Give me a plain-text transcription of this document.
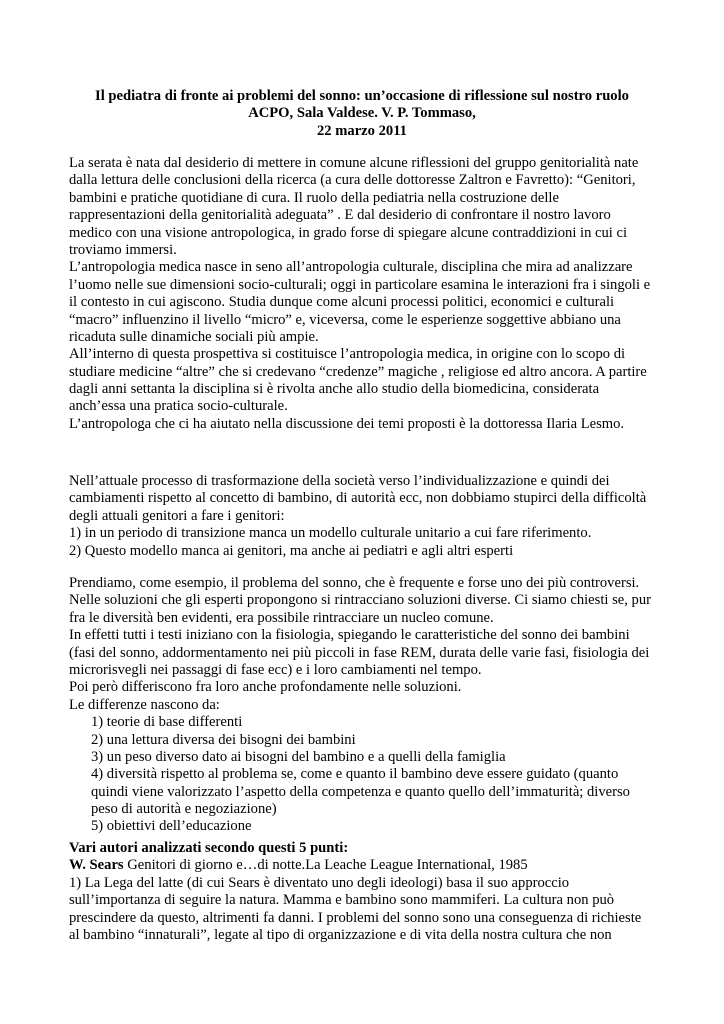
Il pediatra di fronte ai problemi del sonno: un’occasione di riflessione sul nostro ruolo
ACPO, Sala Valdese. V. P. Tommaso,
22 marzo 2011
La serata è nata dal desiderio di mettere in comune alcune riflessioni del gruppo genitorialità nate
dalla lettura delle conclusioni della ricerca (a cura delle dottoresse Zaltron e Favretto): “Genitori,
bambini e pratiche quotidiane di cura. Il ruolo della pediatria nella costruzione delle
rappresentazioni della genitorialità adeguata” . E dal desiderio di confrontare il nostro lavoro
medico con una visione antropologica, in grado forse di spiegare alcune contraddizioni in cui ci
troviamo immersi.
L’antropologia medica nasce in seno all’antropologia culturale, disciplina che mira ad analizzare
l’uomo nelle sue dimensioni socio-culturali; oggi in particolare esamina le interazioni fra i singoli e
il contesto in cui agiscono. Studia dunque come alcuni processi politici, economici e culturali
“macro” influenzino il livello “micro” e, viceversa, come le esperienze soggettive abbiano una
ricaduta sulle dinamiche sociali più ampie.
All’interno di questa prospettiva si costituisce l’antropologia medica, in origine con lo scopo di
studiare medicine “altre” che si credevano “credenze” magiche , religiose ed altro ancora. A partire
dagli anni settanta la disciplina si è rivolta anche allo studio della biomedicina, considerata
anch’essa una pratica socio-culturale.
L’antropologa che ci ha aiutato nella discussione dei temi proposti è la dottoressa Ilaria Lesmo.
Nell’attuale processo di trasformazione della società verso l’individualizzazione e quindi dei
cambiamenti rispetto al concetto di bambino, di autorità ecc, non dobbiamo stupirci della difficoltà
degli attuali genitori a fare i genitori:
1) in un periodo di transizione manca un modello culturale unitario a cui fare riferimento.
2) Questo modello manca ai genitori, ma anche ai pediatri e agli altri esperti
Prendiamo, come esempio, il problema del sonno, che è frequente e forse uno dei più controversi.
Nelle soluzioni che gli esperti propongono si rintracciano soluzioni diverse. Ci siamo chiesti se, pur
fra le diversità ben evidenti, era possibile rintracciare un nucleo comune.
In effetti tutti i testi iniziano con la fisiologia, spiegando le caratteristiche del sonno dei bambini
(fasi del sonno, addormentamento nei più piccoli in fase REM, durata delle varie fasi, fisiologia dei
microrisvegli nei passaggi di fase ecc) e i loro cambiamenti nel tempo.
Poi però differiscono fra loro anche profondamente nelle soluzioni.
Le differenze nascono da:
1) teorie di base differenti
2) una lettura diversa dei bisogni dei bambini
3) un peso diverso dato ai bisogni del bambino e a quelli della famiglia
4) diversità rispetto al problema se, come e quanto il bambino deve essere guidato (quanto
quindi viene valorizzato l’aspetto della competenza e quanto quello dell’immaturità; diverso
peso di autorità e negoziazione)
5) obiettivi dell’educazione
Vari autori analizzati secondo questi 5 punti:
W. Sears Genitori di giorno e…di notte.La Leache League International, 1985
1) La Lega del latte (di cui Sears è diventato uno degli ideologi) basa il suo approccio
sull’importanza di seguire la natura. Mamma e bambino sono mammiferi. La cultura non può
prescindere da questo, altrimenti fa danni. I problemi del sonno sono una conseguenza di richieste
al bambino “innaturali”, legate al tipo di organizzazione e di vita della nostra cultura che non
